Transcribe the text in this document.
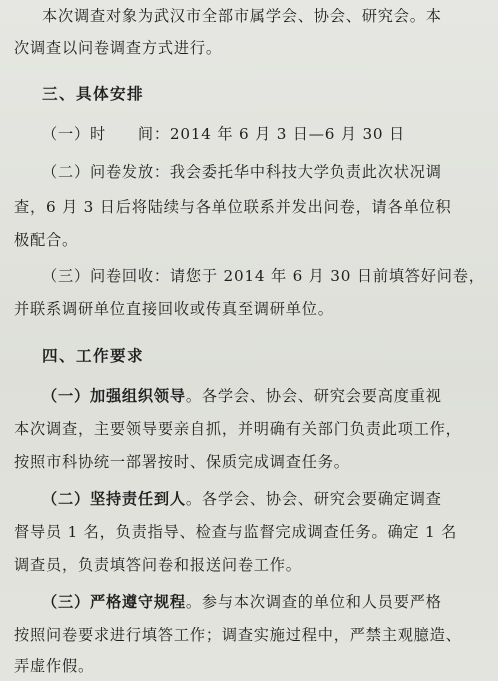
本次调查对象为武汉市全部市属学会、协会、研究会。本
次调查以问卷调查方式进行。
三、具体安排
（一）时　　间：2014 年 6 月 3 日—6 月 30 日
（二）问卷发放：我会委托华中科技大学负责此次状况调
查，6 月 3 日后将陆续与各单位联系并发出问卷，请各单位积
极配合。
（三）问卷回收：请您于 2014 年 6 月 30 日前填答好问卷，
并联系调研单位直接回收或传真至调研单位。
四、工作要求
（一）加强组织领导。各学会、协会、研究会要高度重视
本次调查，主要领导要亲自抓，并明确有关部门负责此项工作，
按照市科协统一部署按时、保质完成调查任务。
（二）坚持责任到人。各学会、协会、研究会要确定调查
督导员 1 名，负责指导、检查与监督完成调查任务。确定 1 名
调查员，负责填答问卷和报送问卷工作。
（三）严格遵守规程。参与本次调查的单位和人员要严格
按照问卷要求进行填答工作；调查实施过程中，严禁主观臆造、
弄虚作假。
